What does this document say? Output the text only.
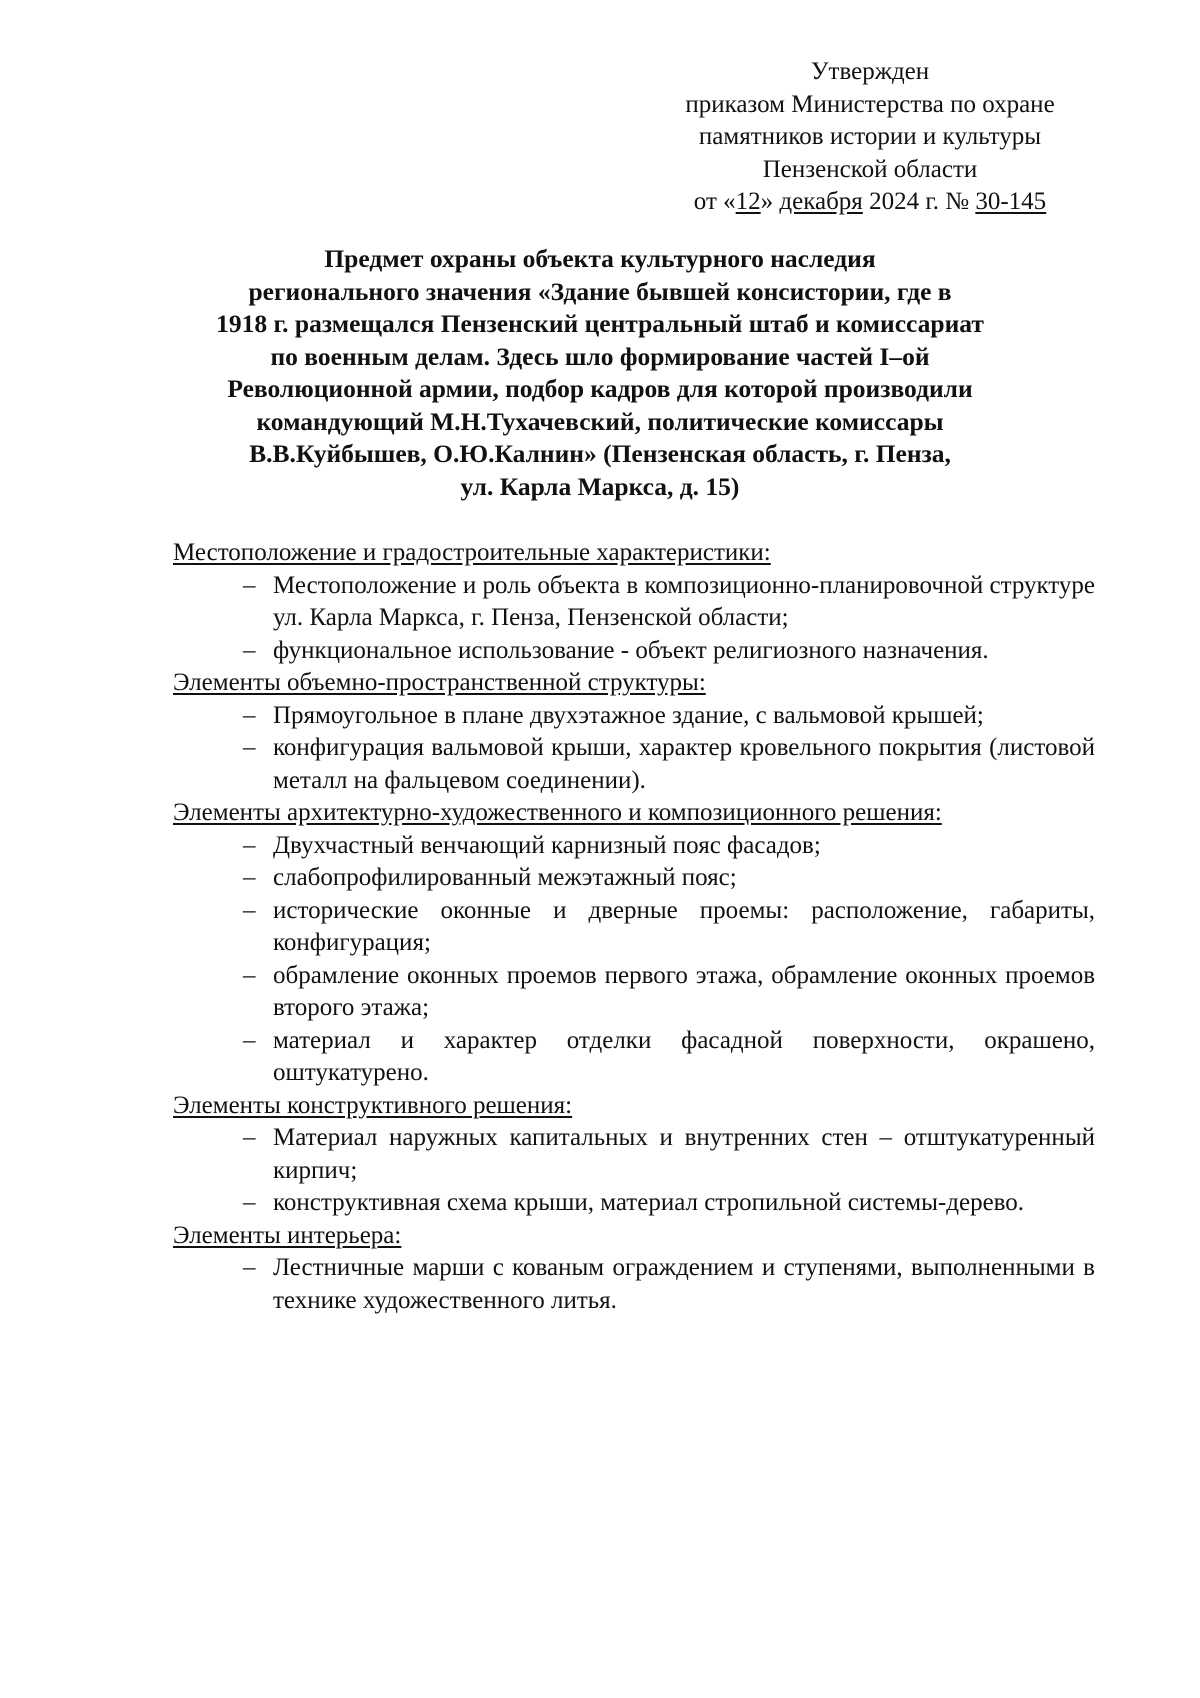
Утвержден
приказом Министерства по охране
памятников истории и культуры
Пензенской области
от «12» декабря 2024 г. № 30-145
Предмет охраны объекта культурного наследия
регионального значения «Здание бывшей консистории, где в
1918 г. размещался Пензенский центральный штаб и комиссариат
по военным делам. Здесь шло формирование частей I–ой
Революционной армии, подбор кадров для которой производили
командующий М.Н.Тухачевский, политические комиссары
В.В.Куйбышев, О.Ю.Калнин» (Пензенская область, г. Пенза,
ул. Карла Маркса, д. 15)
Местоположение и градостроительные характеристики:
– Местоположение и роль объекта в композиционно-планировочной структуре ул. Карла Маркса, г. Пенза, Пензенской области;
– функциональное использование - объект религиозного назначения.
Элементы объемно-пространственной структуры:
– Прямоугольное в плане двухэтажное здание, с вальмовой крышей;
– конфигурация вальмовой крыши, характер кровельного покрытия (листовой металл на фальцевом соединении).
Элементы архитектурно-художественного и композиционного решения:
– Двухчастный венчающий карнизный пояс фасадов;
– слабопрофилированный межэтажный пояс;
– исторические оконные и дверные проемы: расположение, габариты, конфигурация;
– обрамление оконных проемов первого этажа, обрамление оконных проемов второго этажа;
– материал и характер отделки фасадной поверхности, окрашено, оштукатурено.
Элементы конструктивного решения:
– Материал наружных капитальных и внутренних стен – отштукатуренный кирпич;
– конструктивная схема крыши, материал стропильной системы-дерево.
Элементы интерьера:
– Лестничные марши с кованым ограждением и ступенями, выполненными в технике художественного литья.
